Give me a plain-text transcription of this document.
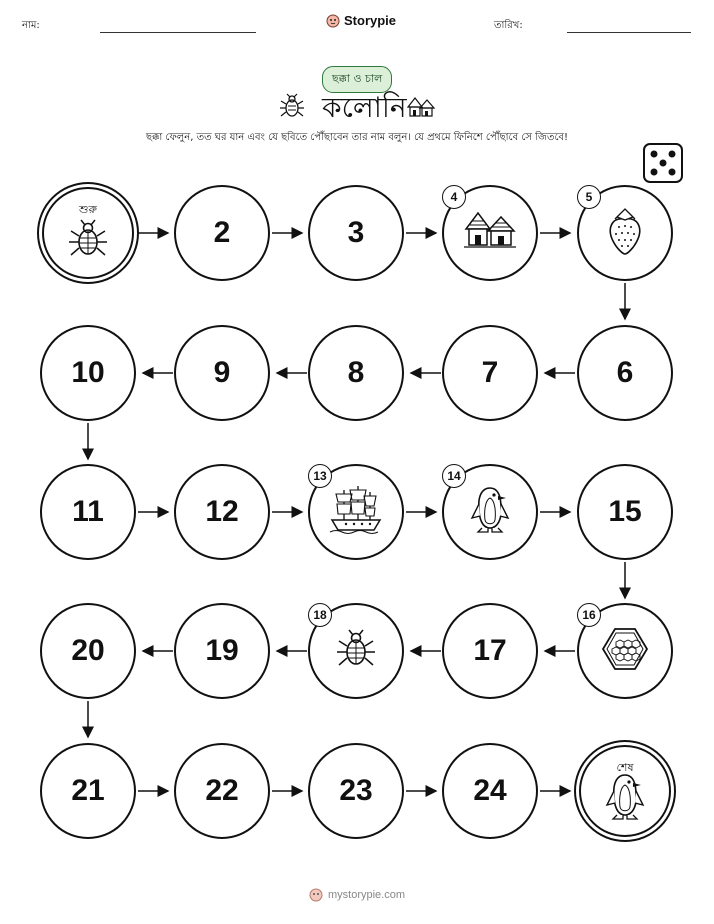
নাম:	Storypie	তারিখ:
ছক্কা ও চাল
কলোনি
ছক্কা ফেলুন, তত ঘর যান এবং যে ছবিতে পৌঁছাবেন তার নাম বলুন। যে প্রথমে ফিনিশে পৌঁছাবে সে জিতবে!
শুরু
2	3
4	5
6
7
8
9
10
11	12
13	14
15
16
17
18
19
20
21	22	23	24
শেষ
mystorypie.com
